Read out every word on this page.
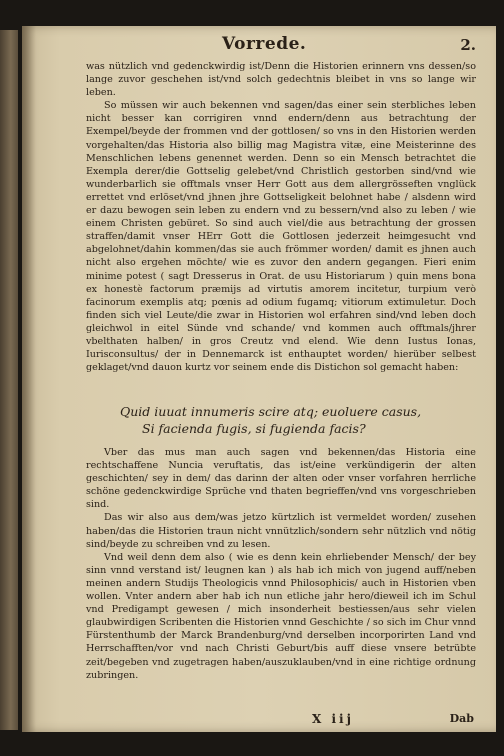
Vorrede.	2.

was nützlich vnd gedenckwirdig ist/Denn die Historien erinnern vns dessen/so lange zuvor geschehen ist/vnd solch gedechtnis bleibet in vns so lange wir leben.

So müssen wir auch bekennen vnd sagen/das einer sein sterbliches leben nicht besser kan corrigiren vnnd endern/denn aus betrachtung der Exempel/beyde der frommen vnd der gottlosen/ so vns in den Historien werden vorgehalten/das Historia also billig mag Magistra vitæ, eine Meisterinne des Menschlichen lebens genennet werden. Denn so ein Mensch betrachtet die Exempla derer/die Gottselig gelebet/vnd Christlich gestorben sind/vnd wie wunderbarlich sie offtmals vnser Herr Gott aus dem allergrösseften vnglück errettet vnd erlöset/vnd jhnen jhre Gottseligkeit belohnet habe / alsdenn wird er dazu bewogen sein leben zu endern vnd zu bessern/vnd also zu leben / wie einem Christen gebüret. So sind auch viel/die aus betrachtung der grossen straffen/damit vnser HErr Gott die Gottlosen jederzeit heimgesucht vnd abgelohnet/dahin kommen/das sie auch frömmer worden/ damit es jhnen auch nicht also ergehen möchte/ wie es zuvor den andern gegangen. Fieri enim minime potest ( sagt Dresserus in Orat. de usu Historiarum ) quin mens bona ex honestè factorum præmijs ad virtutis amorem incitetur, turpium verò facinorum exemplis atq; pœnis ad odium fugamq; vitiorum extimuletur. Doch finden sich viel Leute/die zwar in Historien wol erfahren sind/vnd leben doch gleichwol in eitel Sünde vnd schande/ vnd kommen auch offtmals/jhrer vbelthaten halben/ in gros Creutz vnd elend. Wie denn Iustus Ionas, Iurisconsultus/ der in Dennemarck ist enthauptet worden/ hierüber selbest geklaget/vnd dauon kurtz vor seinem ende dis Distichon sol gemacht haben:

Quid iuuat innumeris scire atq; euoluere casus,
Si facienda fugis, si fugienda facis?

Vber das mus man auch sagen vnd bekennen/das Historia eine rechtschaffene Nuncia veruftatis, das ist/eine verkündigerin der alten geschichten/ sey in dem/ das darinn der alten oder vnser vorfahren herrliche schöne gedenckwirdige Sprüche vnd thaten begrieffen/vnd vns vorgeschrieben sind.

Das wir also aus dem/was jetzo kürtzlich ist vermeldet worden/ zusehen haben/das die Historien traun nicht vnnützlich/sondern sehr nützlich vnd nötig sind/beyde zu schreiben vnd zu lesen.

Vnd weil denn dem also ( wie es denn kein ehrliebender Mensch/ der bey sinn vnnd verstand ist/ leugnen kan ) als hab ich mich von jugend auff/neben meinen andern Studijs Theologicis vnnd Philosophicis/ auch in Historien vben wollen. Vnter andern aber hab ich nun etliche jahr hero/dieweil ich im Schul vnd Predigampt gewesen / mich insonderheit bestiessen/aus sehr vielen glaubwirdigen Scribenten die Historien vnnd Geschichte / so sich im Chur vnnd Fürstenthumb der Marck Brandenburg/vnd derselben incorporirten Land vnd Herrschafften/vor vnd nach Christi Geburt/bis auff diese vnsere betrübte zeit/begeben vnd zugetragen haben/auszuklauben/vnd in eine richtige ordnung zubringen.

X iij	Dab
